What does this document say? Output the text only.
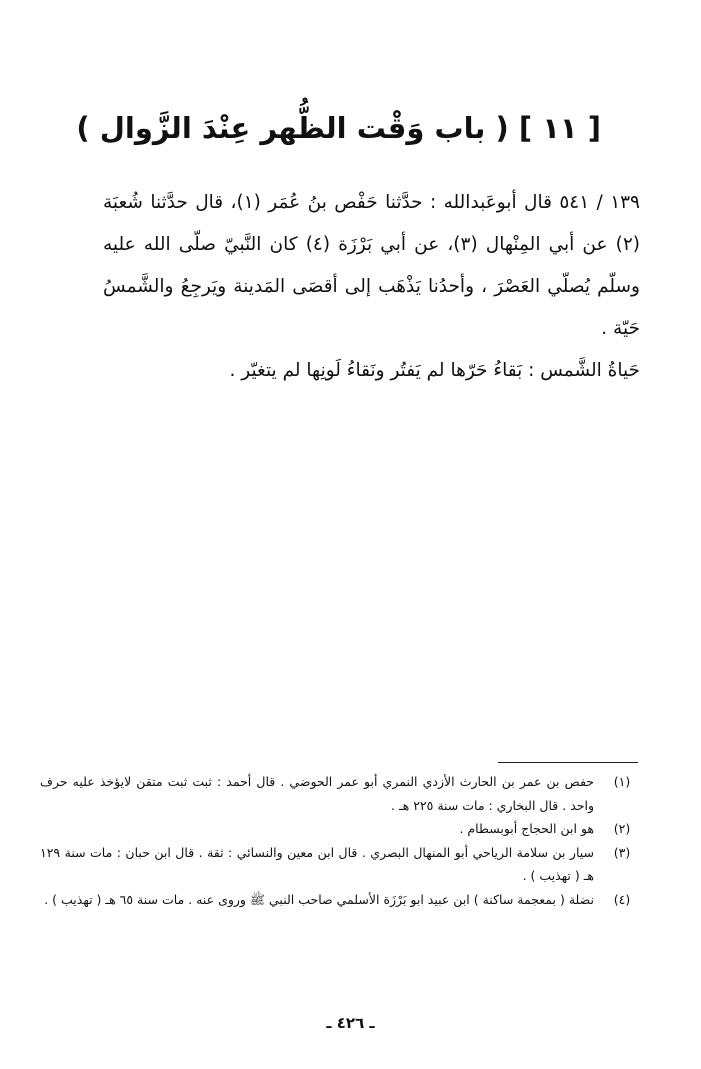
[ ١١ ] ( باب وَقْت الظُّهر عِنْدَ الزَّوال )

١٣٩ / ٥٤١ قال أبوعَبدالله : حدَّثنا حَفْص بنُ عُمَر (١)، قال حدَّثنا شُعبَة (٢) عن أبي المِنْهال (٣)، عن أبي بَرْزَة (٤) كان النَّبيّ صلّى الله عليه وسلّم يُصلّي العَصْرَ ، وأحدُنا يَذْهَب إلى أقصَى المَدينة ويَرجِعُ والشَّمسُ حَيّة .

حَياةُ الشَّمس : بَقاءُ حَرّها لم يَفتُر ونَقاءُ لَونِها لم يتغيّر .

(١)
حفص بن عمر بن الحارث الأزدي النمري أبو عمر الحوضي . قال أحمد : ثبت ثبت متقن لايؤخذ عليه حرف واحد . قال البخاري : مات سنة ٢٢٥ هـ .
(٢)
هو ابن الحجاج أبوبسطام .
(٣)
سيار بن سلامة الرياحي أبو المنهال البصري . قال ابن معين والنسائي : ثقة . قال ابن حبان : مات سنة ١٢٩ هـ ( تهذيب ) .
(٤)
نضلة ( بمعجمة ساكنة ) ابن عبيد ابو بَرْزَة الأسلمي صاحب النبي ﷺ وروى عنه . مات سنة ٦٥ هـ ( تهذيب ) .
ـ ٤٢٦ ـ
